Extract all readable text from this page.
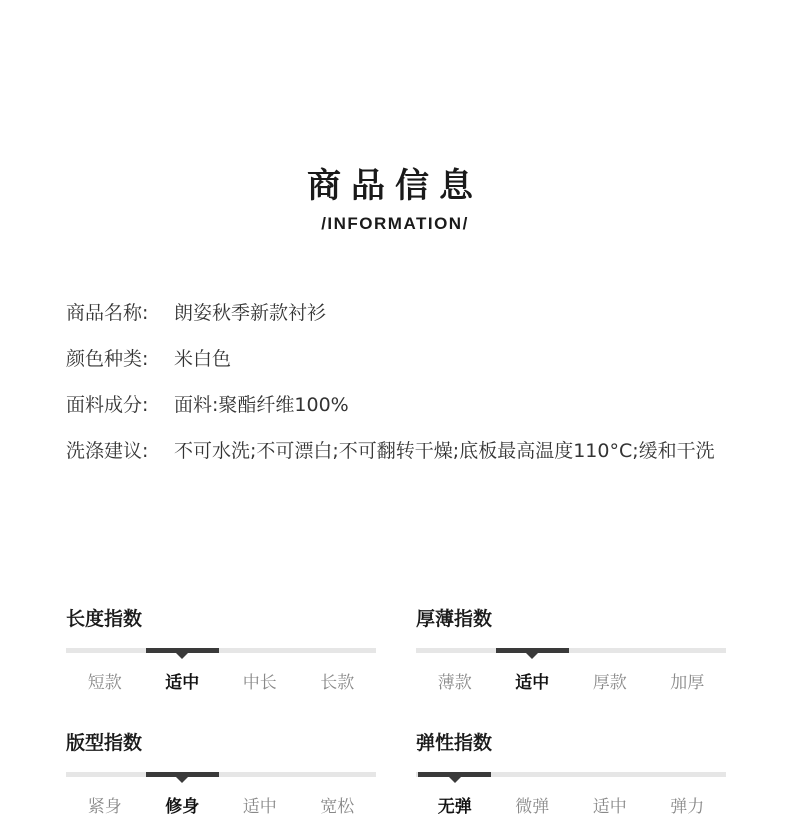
商品信息
/INFORMATION/
商品名称:	朗姿秋季新款衬衫
颜色种类:	米白色
面料成分:	面料:聚酯纤维100%
洗涤建议:	不可水洗;不可漂白;不可翻转干燥;底板最高温度110°C;缓和干洗
长度指数
短款	适中	中长	长款
厚薄指数
薄款	适中	厚款	加厚
版型指数
紧身	修身	适中	宽松
弹性指数
无弹	微弹	适中	弹力
